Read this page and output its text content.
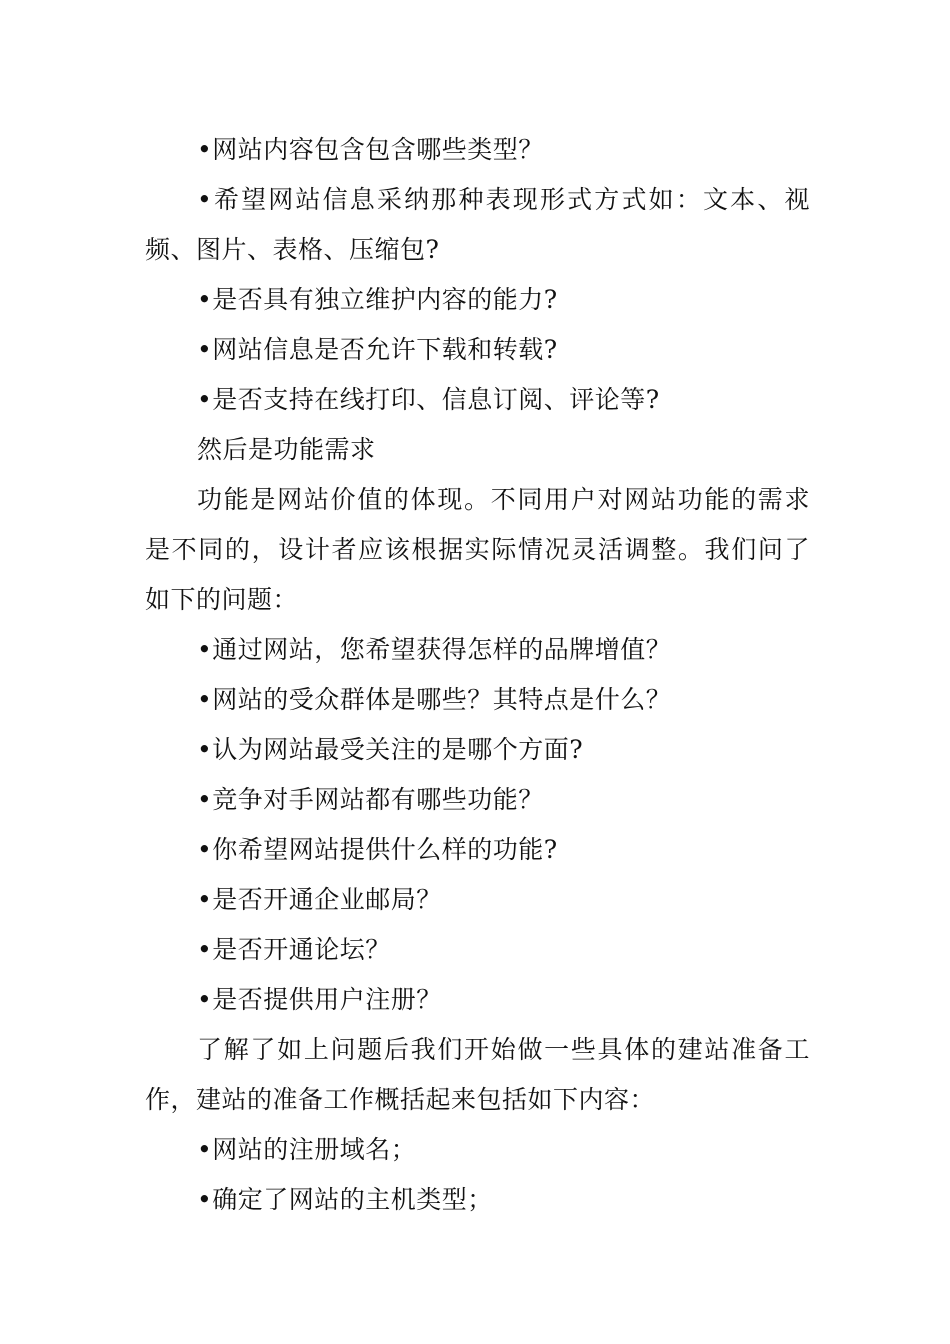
•网站内容包含包含哪些类型？
•希望网站信息采纳那种表现形式方式如：文本、视
频、图片、表格、压缩包?
•是否具有独立维护内容的能力?
•网站信息是否允许下载和转载?
•是否支持在线打印、信息订阅、评论等?
然后是功能需求
功能是网站价值的体现。不同用户对网站功能的需求
是不同的，设计者应该根据实际情况灵活调整。我们问了
如下的问题：
•通过网站，您希望获得怎样的品牌增值？
•网站的受众群体是哪些？其特点是什么？
•认为网站最受关注的是哪个方面?
•竞争对手网站都有哪些功能？
•你希望网站提供什么样的功能?
•是否开通企业邮局？
•是否开通论坛？
•是否提供用户注册？
了解了如上问题后我们开始做一些具体的建站准备工
作，建站的准备工作概括起来包括如下内容：
•网站的注册域名；
•确定了网站的主机类型；
